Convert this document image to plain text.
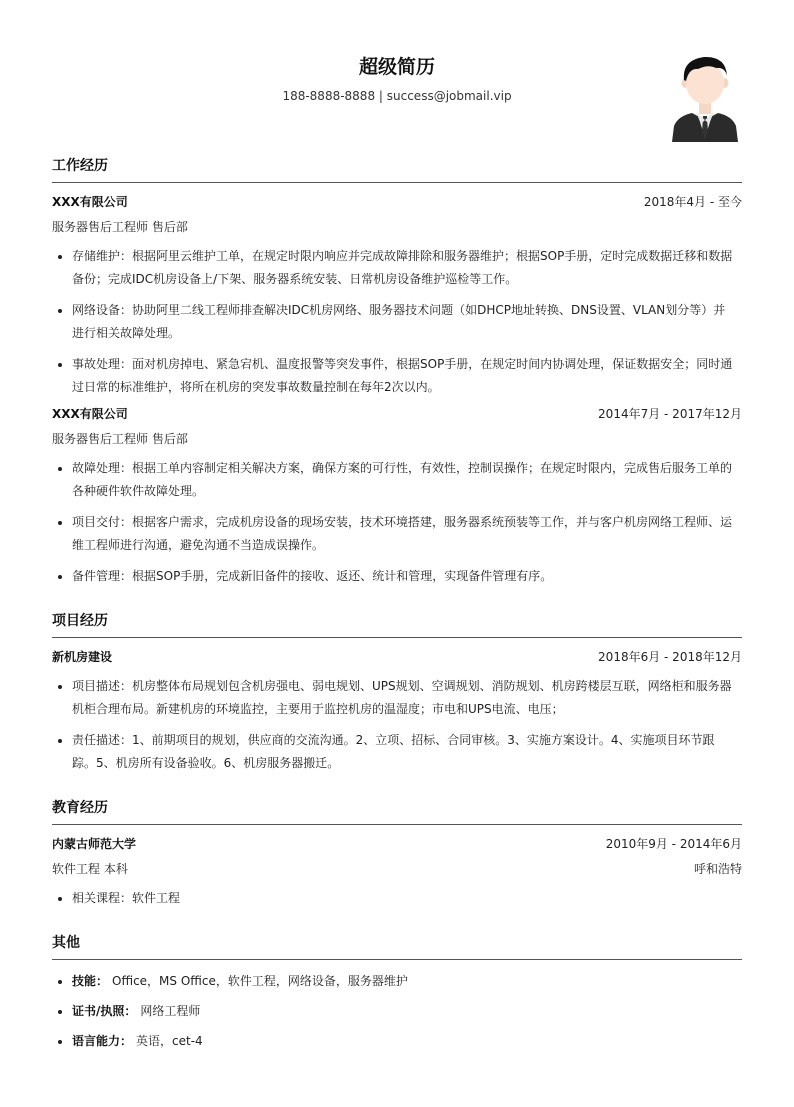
超级简历
188-8888-8888 | success@jobmail.vip
工作经历
XXX有限公司	2018年4月 - 至今
服务器售后工程师 售后部
• 存储维护：根据阿里云维护工单，在规定时限内响应并完成故障排除和服务器维护；根据SOP手册，定时完成数据迁移和数据备份；完成IDC机房设备上/下架、服务器系统安装、日常机房设备维护巡检等工作。
• 网络设备：协助阿里二线工程师排查解决IDC机房网络、服务器技术问题（如DHCP地址转换、DNS设置、VLAN划分等）并进行相关故障处理。
• 事故处理：面对机房掉电、紧急宕机、温度报警等突发事件，根据SOP手册，在规定时间内协调处理，保证数据安全；同时通过日常的标准维护，将所在机房的突发事故数量控制在每年2次以内。
XXX有限公司	2014年7月 - 2017年12月
服务器售后工程师 售后部
• 故障处理：根据工单内容制定相关解决方案，确保方案的可行性，有效性，控制误操作；在规定时限内，完成售后服务工单的各种硬件软件故障处理。
• 项目交付：根据客户需求，完成机房设备的现场安装，技术环境搭建，服务器系统预装等工作，并与客户机房网络工程师、运维工程师进行沟通，避免沟通不当造成误操作。
• 备件管理：根据SOP手册，完成新旧备件的接收、返还、统计和管理，实现备件管理有序。
项目经历
新机房建设	2018年6月 - 2018年12月
• 项目描述：机房整体布局规划包含机房强电、弱电规划、UPS规划、空调规划、消防规划、机房跨楼层互联，网络柜和服务器机柜合理布局。新建机房的环境监控，主要用于监控机房的温湿度；市电和UPS电流、电压；
• 责任描述：1、前期项目的规划，供应商的交流沟通。2、立项、招标、合同审核。3、实施方案设计。4、实施项目环节跟踪。5、机房所有设备验收。6、机房服务器搬迁。
教育经历
内蒙古师范大学	2010年9月 - 2014年6月
软件工程 本科	呼和浩特
• 相关课程：软件工程
其他
• 技能： Office，MS Office，软件工程，网络设备，服务器维护
• 证书/执照： 网络工程师
• 语言能力： 英语，cet-4
